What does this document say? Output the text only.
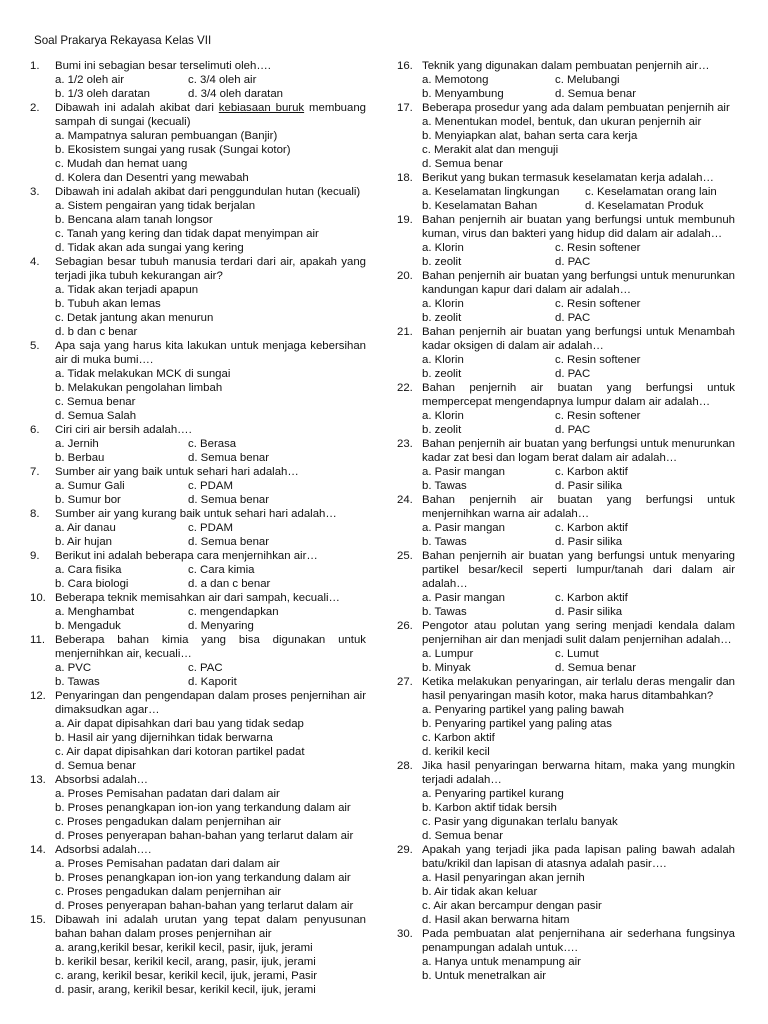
Soal Prakarya Rekayasa Kelas VII
1.	Bumi ini sebagian besar terselimuti oleh….
a. 1/2 oleh air	c. 3/4 oleh air
b. 1/3 oleh daratan	d. 3/4 oleh daratan
2.	Dibawah ini adalah akibat dari kebiasaan buruk membuang sampah di sungai (kecuali)
a. Mampatnya saluran pembuangan (Banjir)
b. Ekosistem sungai yang rusak (Sungai kotor)
c. Mudah dan hemat uang
d. Kolera dan Desentri yang mewabah
3.	Dibawah ini adalah akibat dari penggundulan hutan (kecuali)
a. Sistem pengairan yang tidak berjalan
b. Bencana alam tanah longsor
c. Tanah yang kering dan tidak dapat menyimpan air
d. Tidak akan ada sungai yang kering
4.	Sebagian besar tubuh manusia terdari dari air, apakah yang terjadi jika tubuh kekurangan air?
a. Tidak akan terjadi apapun
b. Tubuh akan lemas
c. Detak jantung akan menurun
d. b dan c benar
5.	Apa saja yang harus kita lakukan untuk menjaga kebersihan air di muka bumi….
a. Tidak melakukan MCK di sungai
b. Melakukan pengolahan limbah
c. Semua benar
d. Semua Salah
6.	Ciri ciri air bersih adalah….
a. Jernih	c. Berasa
b. Berbau	d. Semua benar
7.	Sumber air yang baik untuk sehari hari adalah…
a. Sumur Gali	c. PDAM
b. Sumur bor	d. Semua benar
8.	Sumber air yang kurang baik untuk sehari hari adalah…
a. Air danau	c. PDAM
b. Air hujan	d. Semua benar
9.	Berikut ini adalah beberapa cara menjernihkan air…
a. Cara fisika	c. Cara kimia
b. Cara biologi	d. a dan c benar
10. Beberapa teknik memisahkan air dari sampah, kecuali…
a. Menghambat	c. mengendapkan
b. Mengaduk	d. Menyaring
11. Beberapa bahan kimia yang bisa digunakan untuk menjernihkan air, kecuali…
a. PVC	c. PAC
b. Tawas	d. Kaporit
12. Penyaringan dan pengendapan dalam proses penjernihan air dimaksudkan agar…
a. Air dapat dipisahkan dari bau yang tidak sedap
b. Hasil air yang dijernihkan tidak berwarna
c. Air dapat dipisahkan dari kotoran partikel padat
d. Semua benar
13. Absorbsi adalah…
a. Proses Pemisahan padatan dari dalam air
b. Proses penangkapan ion-ion yang terkandung dalam air
c. Proses pengadukan dalam penjernihan air
d. Proses penyerapan bahan-bahan yang terlarut dalam air
14. Adsorbsi adalah….
a. Proses Pemisahan padatan dari dalam air
b. Proses penangkapan ion-ion yang terkandung dalam air
c. Proses pengadukan dalam penjernihan air
d. Proses penyerapan bahan-bahan yang terlarut dalam air
15. Dibawah ini adalah urutan yang tepat dalam penyusunan bahan bahan dalam proses penjernihan air
a. arang,kerikil besar, kerikil kecil, pasir, ijuk, jerami
b. kerikil besar, kerikil kecil, arang, pasir, ijuk, jerami
c. arang, kerikil besar, kerikil kecil, ijuk, jerami, Pasir
d. pasir, arang, kerikil besar, kerikil kecil, ijuk, jerami
16. Teknik yang digunakan dalam pembuatan penjernih air…
a. Memotong	c. Melubangi
b. Menyambung	d. Semua benar
17. Beberapa prosedur yang ada dalam pembuatan penjernih air
a. Menentukan model, bentuk, dan ukuran penjernih air
b. Menyiapkan alat, bahan serta cara kerja
c. Merakit alat dan menguji
d. Semua benar
18. Berikut yang bukan termasuk keselamatan kerja adalah…
a. Keselamatan lingkungan	c. Keselamatan orang lain
b. Keselamatan Bahan	d. Keselamatan Produk
19. Bahan penjernih air buatan yang berfungsi untuk membunuh kuman, virus dan bakteri yang hidup did dalam air adalah…
a. Klorin	c. Resin softener
b. zeolit	d. PAC
20. Bahan penjernih air buatan yang berfungsi untuk menurunkan kandungan kapur dari dalam air adalah…
a. Klorin	c. Resin softener
b. zeolit	d. PAC
21. Bahan penjernih air buatan yang berfungsi untuk Menambah kadar oksigen di dalam air adalah…
a. Klorin	c. Resin softener
b. zeolit	d. PAC
22. Bahan penjernih air buatan yang berfungsi untuk mempercepat mengendapnya lumpur dalam air adalah…
a. Klorin	c. Resin softener
b. zeolit	d. PAC
23. Bahan penjernih air buatan yang berfungsi untuk menurunkan kadar zat besi dan logam berat dalam air adalah…
a. Pasir mangan	c. Karbon aktif
b. Tawas	d. Pasir silika
24. Bahan penjernih air buatan yang berfungsi untuk menjernihkan warna air adalah…
a. Pasir mangan	c. Karbon aktif
b. Tawas	d. Pasir silika
25. Bahan penjernih air buatan yang berfungsi untuk menyaring partikel besar/kecil seperti lumpur/tanah dari dalam air adalah…
a. Pasir mangan	c. Karbon aktif
b. Tawas	d. Pasir silika
26. Pengotor atau polutan yang sering menjadi kendala dalam penjernihan air dan menjadi sulit dalam penjernihan adalah…
a. Lumpur	c. Lumut
b. Minyak	d. Semua benar
27. Ketika melakukan penyaringan, air terlalu deras mengalir dan hasil penyaringan masih kotor, maka harus ditambahkan?
a. Penyaring partikel yang paling bawah
b. Penyaring partikel yang paling atas
c. Karbon aktif
d. kerikil kecil
28. Jika hasil penyaringan berwarna hitam, maka yang mungkin terjadi adalah…
a. Penyaring partikel kurang
b. Karbon aktif tidak bersih
c. Pasir yang digunakan terlalu banyak
d. Semua benar
29. Apakah yang terjadi jika pada lapisan paling bawah adalah batu/krikil dan lapisan di atasnya adalah pasir….
a. Hasil penyaringan akan jernih
b. Air tidak akan keluar
c. Air akan bercampur dengan pasir
d. Hasil akan berwarna hitam
30. Pada pembuatan alat penjernihana air sederhana fungsinya penampungan adalah untuk….
a. Hanya untuk menampung air
b. Untuk menetralkan air
